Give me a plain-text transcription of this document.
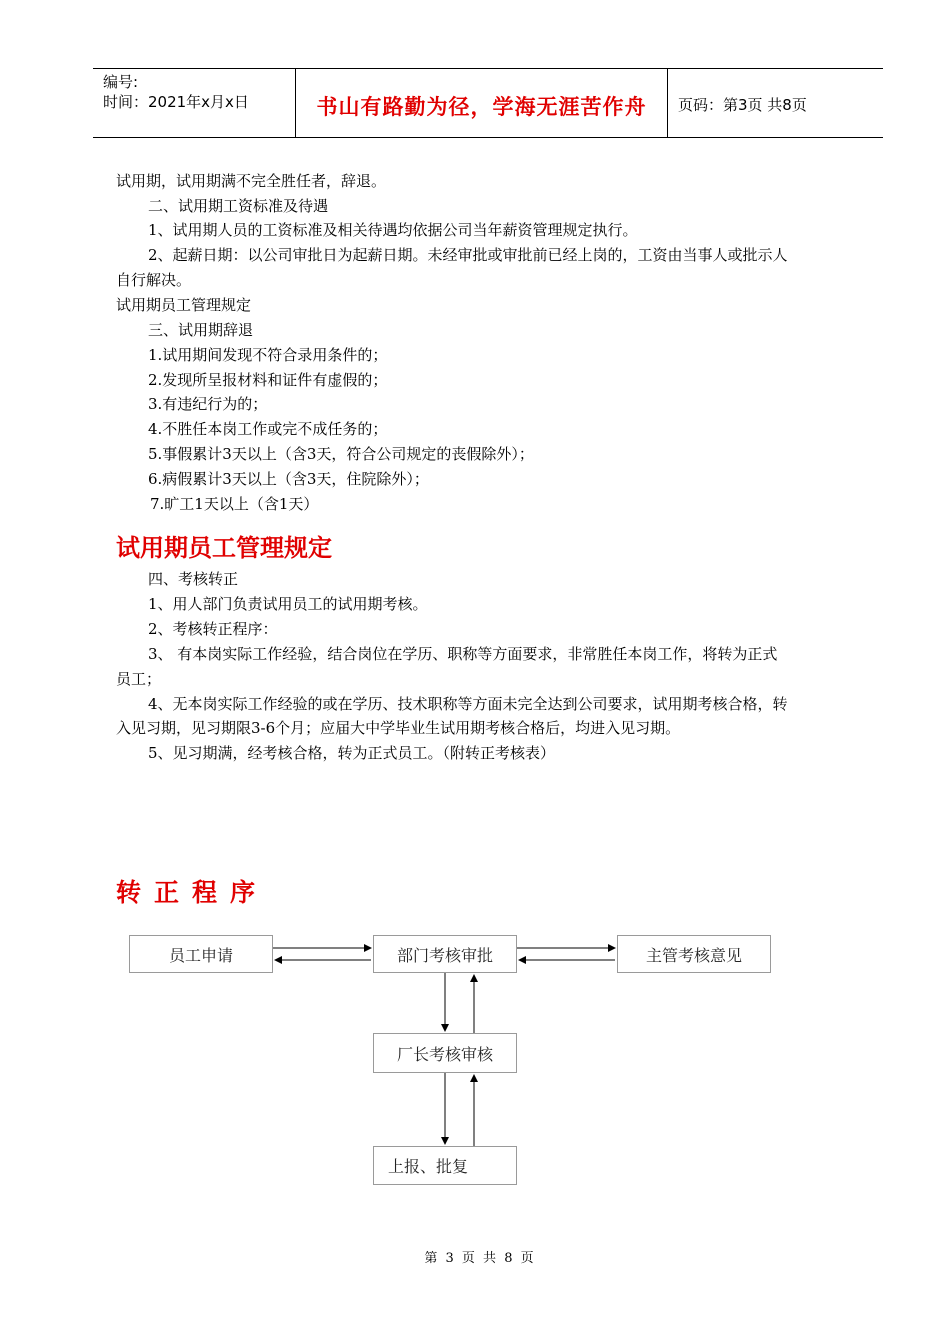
编号:
时间：2021年x月x日	书山有路勤为径，学海无涯苦作舟	页码：第3页 共8页
试用期，试用期满不完全胜任者，辞退。
二、试用期工资标准及待遇
1、试用期人员的工资标准及相关待遇均依据公司当年薪资管理规定执行。
2、起薪日期：以公司审批日为起薪日期。未经审批或审批前已经上岗的，工资由当事人或批示人
自行解决。
试用期员工管理规定
三、试用期辞退
1.试用期间发现不符合录用条件的；
2.发现所呈报材料和证件有虚假的；
3.有违纪行为的；
4.不胜任本岗工作或完不成任务的；
5.事假累计3天以上（含3天，符合公司规定的丧假除外）；
6.病假累计3天以上（含3天，住院除外）；
7.旷工1天以上（含1天）
试用期员工管理规定
四、考核转正
1、用人部门负责试用员工的试用期考核。
2、考核转正程序：
3、 有本岗实际工作经验，结合岗位在学历、职称等方面要求，非常胜任本岗工作，将转为正式
员工；
4、无本岗实际工作经验的或在学历、技术职称等方面未完全达到公司要求，试用期考核合格，转
入见习期，见习期限3-6个月；应届大中学毕业生试用期考核合格后，均进入见习期。
5、见习期满，经考核合格，转为正式员工。（附转正考核表）
转正程序
员工申请	部门考核审批	主管考核意见
厂长考核审核
上报、批复
第 3 页 共 8 页
